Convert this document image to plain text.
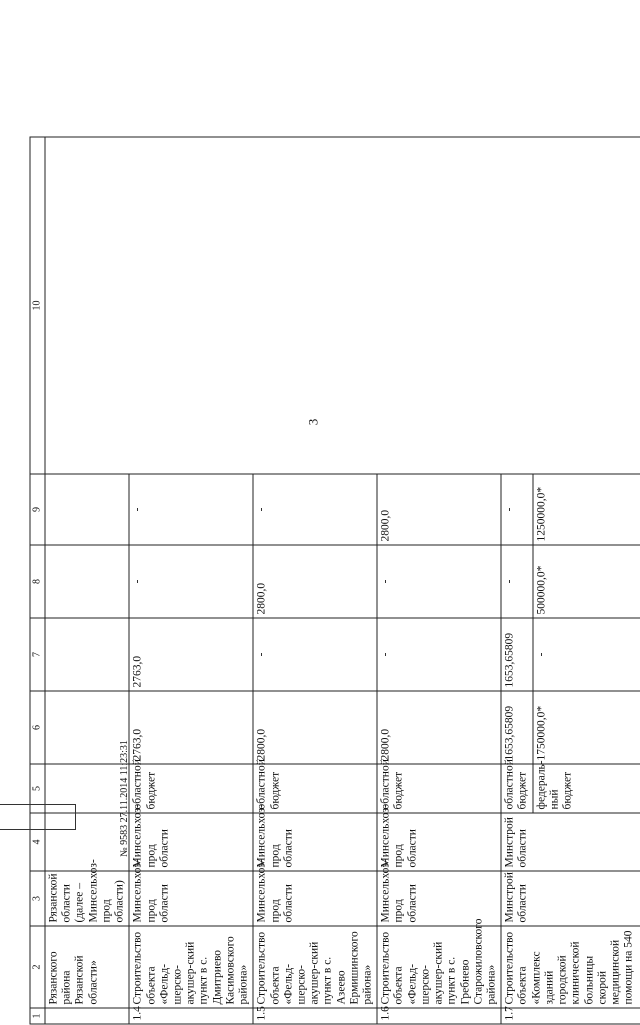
3
1	2	3	4	5	6	7	8	9	10
	Рязанского района Рязанской области»	Рязанской области (далее – Минсельхоз-прод области)							
1.4	Строительство объекта «Фельд-шерско-акушер-ский пункт в с. Дмитриево Касимовского района»	Минсельхоз-прод области	Минсельхоз-прод области	областной бюджет	2763,0	2763,0	-	-	
1.5	Строительство объекта «Фельд-шерско-акушер-ский пункт в с. Азеево Ермишинского района»	Минсельхоз-прод области	Минсельхоз-прод области	областной бюджет	2800,0	-	2800,0	-	
1.6	Строительство объекта «Фельд-шерско-акушер-ский пункт в с. Гребнево Старожиловского района»	Минсельхоз-прод области	Минсельхоз-прод области	областной бюджет	2800,0	-	-	2800,0	
1.7	Строительство объекта «Комплекс зданий городской клинической больницы скорой медицинской помощи на 540	Минстрой области	Минстрой области	областной бюджет	1653,65809	1653,65809	-	-	
				федераль-ный бюджет	1750000,0*	-	500000,0*	1250000,0*	
№ 9583 27.11.2014 11:23:31
